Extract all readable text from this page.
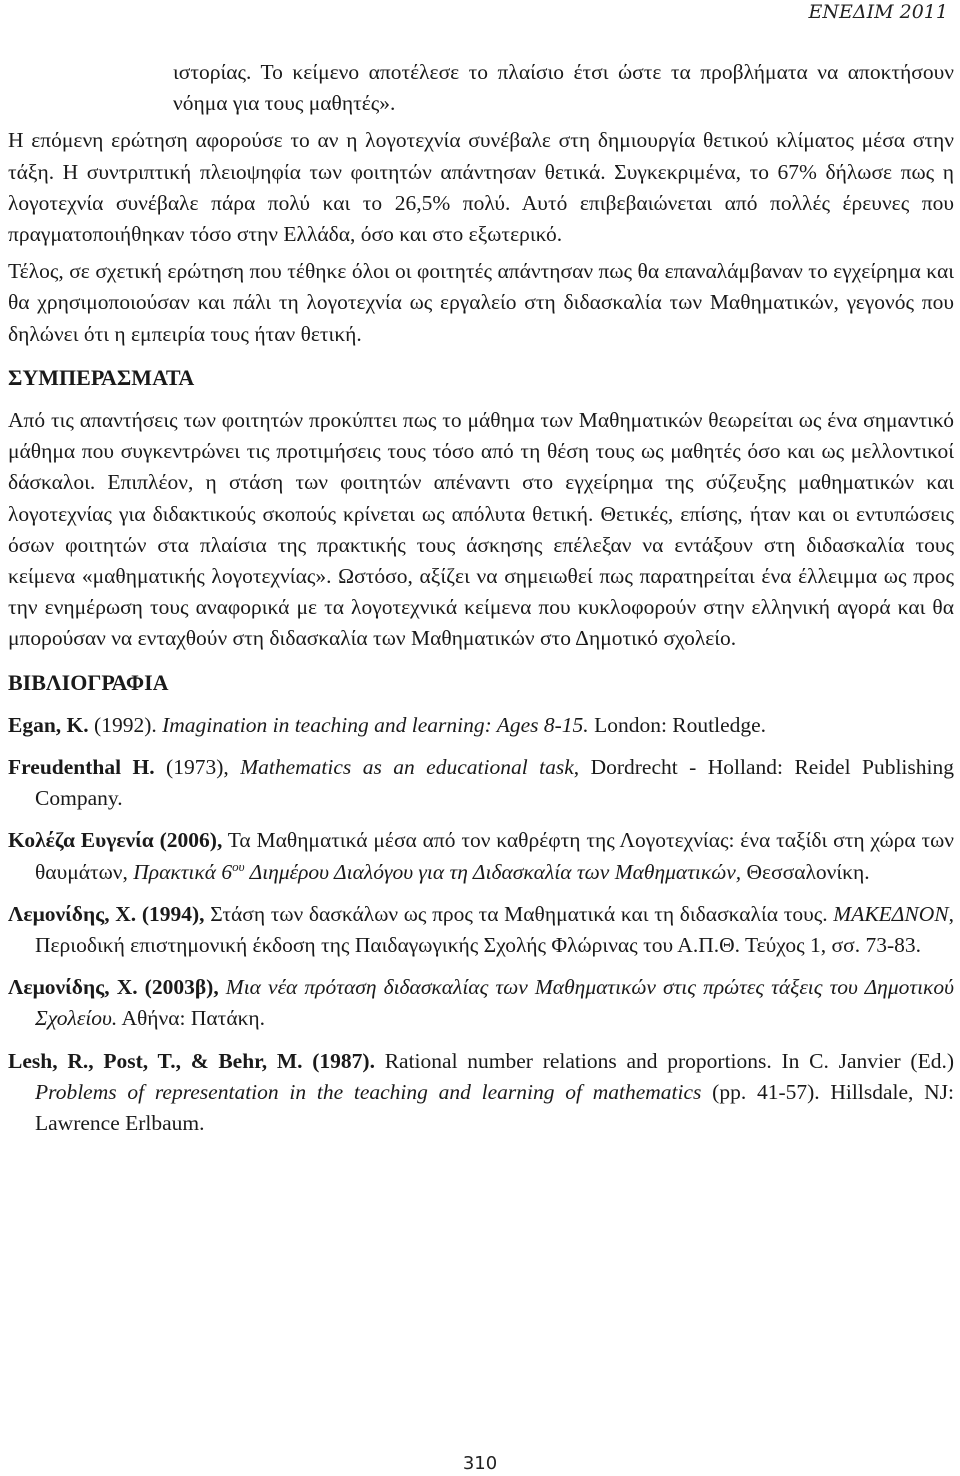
ΕΝΕΔΙΜ 2011

ιστορίας. Το κείμενο αποτέλεσε το πλαίσιο έτσι ώστε τα προβλήματα να αποκτήσουν νόημα για τους μαθητές».

Η επόμενη ερώτηση αφορούσε το αν η λογοτεχνία συνέβαλε στη δημιουργία θετικού κλίματος μέσα στην τάξη. Η συντριπτική πλειοψηφία των φοιτητών απάντησαν θετικά. Συγκεκριμένα, το 67% δήλωσε πως η λογοτεχνία συνέβαλε πάρα πολύ και το 26,5% πολύ. Αυτό επιβεβαιώνεται από πολλές έρευνες που πραγματοποιήθηκαν τόσο στην Ελλάδα, όσο και στο εξωτερικό.

Τέλος, σε σχετική ερώτηση που τέθηκε όλοι οι φοιτητές απάντησαν πως θα επαναλάμβαναν το εγχείρημα και θα χρησιμοποιούσαν και πάλι τη λογοτεχνία ως εργαλείο στη διδασκαλία των Μαθηματικών, γεγονός που δηλώνει ότι η εμπειρία τους ήταν θετική.

ΣΥΜΠΕΡΑΣΜΑΤΑ

Από τις απαντήσεις των φοιτητών προκύπτει πως το μάθημα των Μαθηματικών θεωρείται ως ένα σημαντικό μάθημα που συγκεντρώνει τις προτιμήσεις τους τόσο από τη θέση τους ως μαθητές όσο και ως μελλοντικοί δάσκαλοι. Επιπλέον, η στάση των φοιτητών απέναντι στο εγχείρημα της σύζευξης μαθηματικών και λογοτεχνίας για διδακτικούς σκοπούς κρίνεται ως απόλυτα θετική. Θετικές, επίσης, ήταν και οι εντυπώσεις όσων φοιτητών στα πλαίσια της πρακτικής τους άσκησης επέλεξαν να εντάξουν στη διδασκαλία τους κείμενα «μαθηματικής λογοτεχνίας». Ωστόσο, αξίζει να σημειωθεί πως παρατηρείται ένα έλλειμμα ως προς την ενημέρωση τους αναφορικά με τα λογοτεχνικά κείμενα που κυκλοφορούν στην ελληνική αγορά και θα μπορούσαν να ενταχθούν στη διδασκαλία των Μαθηματικών στο Δημοτικό σχολείο.

ΒΙΒΛΙΟΓΡΑΦΙΑ

Egan, K. (1992). Imagination in teaching and learning: Ages 8-15. London: Routledge.

Freudenthal H. (1973), Mathematics as an educational task, Dordrecht - Holland: Reidel Publishing Company.

Κολέζα Ευγενία (2006), Τα Μαθηματικά μέσα από τον καθρέφτη της Λογοτεχνίας: ένα ταξίδι στη χώρα των θαυμάτων, Πρακτικά $6^{o\upsilon}$ Διημέρου Διαλόγου για τη Διδασκαλία των Μαθηματικών, Θεσσαλονίκη.

Λεμονίδης, Χ. (1994), Στάση των δασκάλων ως προς τα Μαθηματικά και τη διδασκαλία τους. ΜΑΚΕΔΝΟΝ, Περιοδική επιστημονική έκδοση της Παιδαγωγικής Σχολής Φλώρινας του Α.Π.Θ. Τεύχος 1, σσ. 73-83.

Λεμονίδης, Χ. (2003β), Μια νέα πρόταση διδασκαλίας των Μαθηματικών στις πρώτες τάξεις του Δημοτικού Σχολείου. Αθήνα: Πατάκη.

Lesh, R., Post, T., & Behr, M. (1987). Rational number relations and proportions. In C. Janvier (Ed.) Problems of representation in the teaching and learning of mathematics (pp. 41-57). Hillsdale, NJ: Lawrence Erlbaum.

310
